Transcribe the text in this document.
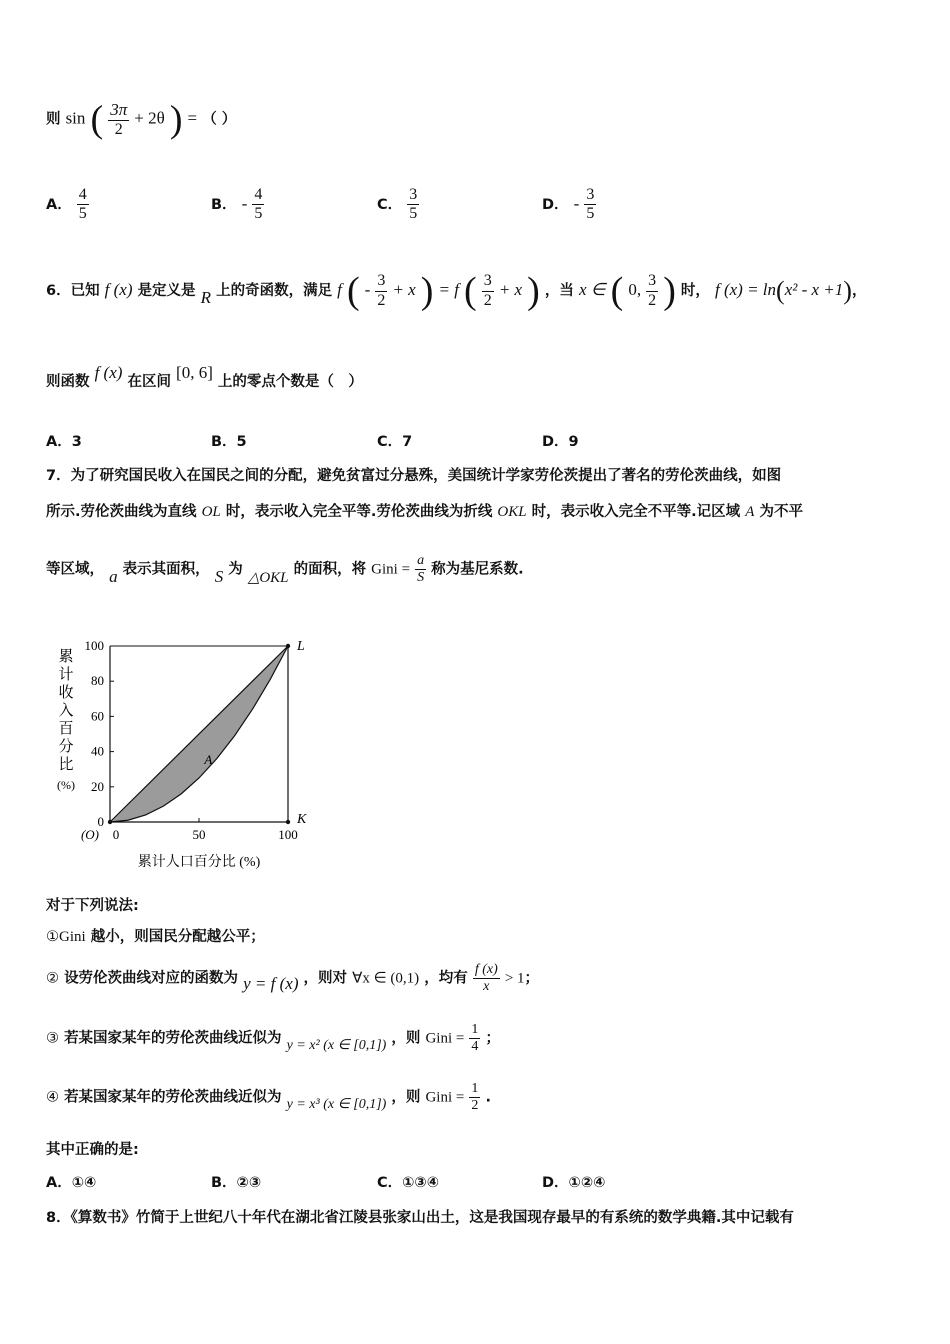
则 sin ( $\frac{3\pi}{2} + 2\theta$ ) = （ ）
A． $\frac{4}{5}$	B． - $\frac{4}{5}$	C． $\frac{3}{5}$	D． - $\frac{3}{5}$
6．已知 f (x) 是定义是 R 上的奇函数，满足 f ( - $\frac{3}{2} + x$ ) = f ( $\frac{3}{2} + x$ ) ，当 x ∈ ( 0, $\frac{3}{2}$ ) 时， f (x) = ln(x² - x +1)，
则函数 f (x) 在区间 [0, 6] 上的零点个数是（　）
A．3	B．5	C．7	D．9
7．为了研究国民收入在国民之间的分配，避免贫富过分悬殊，美国统计学家劳伦茨提出了著名的劳伦茨曲线，如图
所示.劳伦茨曲线为直线 OL 时，表示收入完全平等.劳伦茨曲线为折线 OKL 时，表示收入完全不平等.记区域 A 为不平
等区域， a 表示其面积， S 为 △OKL 的面积，将 Gini = $\frac{a}{S}$ 称为基尼系数.
0
20
40
60
80
100
0	50	100
(O)
L
K
A
累
计
收
入
百
分
比
(%)
累计人口百分比 (%)
对于下列说法:
①Gini 越小，则国民分配越公平；
② 设劳伦茨曲线对应的函数为 y = f (x) ，则对 ∀x ∈ (0,1) ，均有 $\frac{f (x)}{x} > 1$；
③ 若某国家某年的劳伦茨曲线近似为 y = x² (x ∈ [0,1]) ，则 Gini = $\frac{1}{4}$ ；
④ 若某国家某年的劳伦茨曲线近似为 y = x³ (x ∈ [0,1]) ，则 Gini = $\frac{1}{2}$ .
其中正确的是:
A．①④	B．②③	C．①③④	D．①②④
8．《算数书》竹简于上世纪八十年代在湖北省江陵县张家山出土，这是我国现存最早的有系统的数学典籍.其中记载有
